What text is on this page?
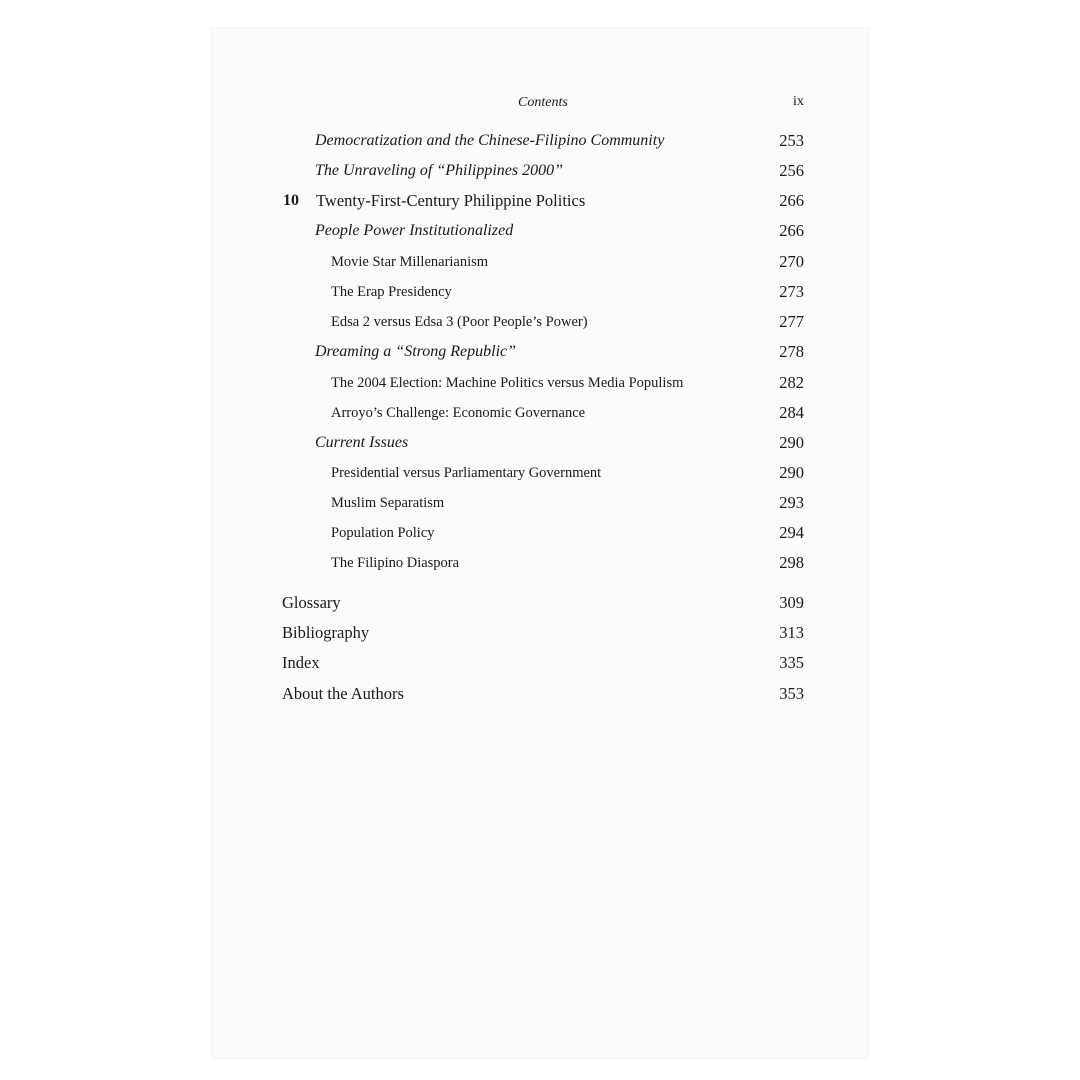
Contents	ix
Democratization and the Chinese-Filipino Community	253
The Unraveling of “Philippines 2000”	256
10 Twenty-First-Century Philippine Politics	266
People Power Institutionalized	266
Movie Star Millenarianism	270
The Erap Presidency	273
Edsa 2 versus Edsa 3 (Poor People’s Power)	277
Dreaming a “Strong Republic”	278
The 2004 Election: Machine Politics versus Media Populism	282
Arroyo’s Challenge: Economic Governance	284
Current Issues	290
Presidential versus Parliamentary Government	290
Muslim Separatism	293
Population Policy	294
The Filipino Diaspora	298
Glossary	309
Bibliography	313
Index	335
About the Authors	353
